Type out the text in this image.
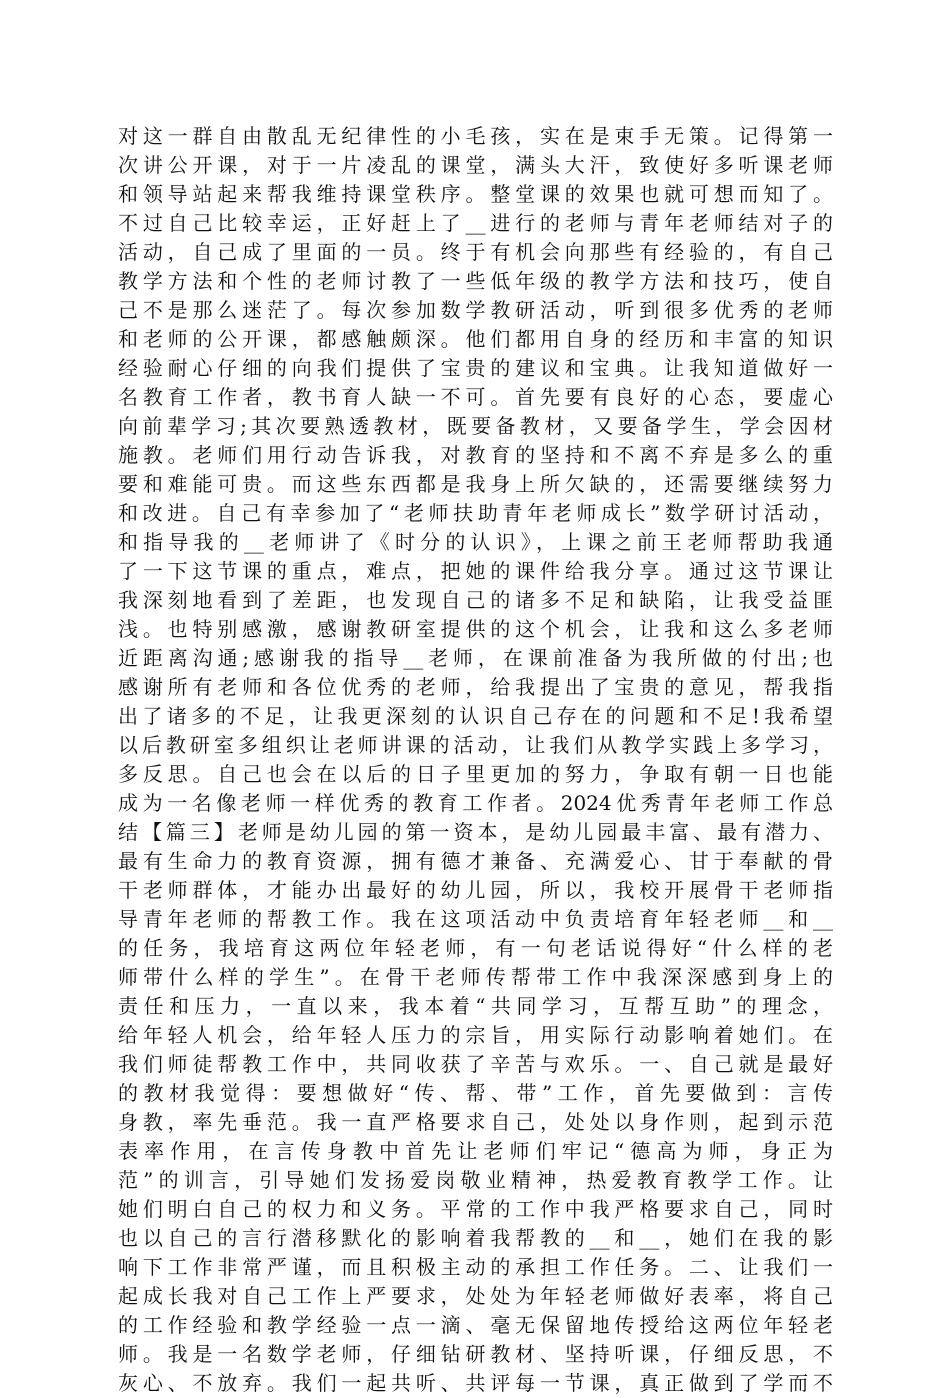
对这一群自由散乱无纪律性的小毛孩，实在是束手无策。记得第一
次讲公开课，对于一片凌乱的课堂，满头大汗，致使好多听课老师
和领导站起来帮我维持课堂秩序。整堂课的效果也就可想而知了。
不过自己比较幸运，正好赶上了__进行的老师与青年老师结对子的
活动，自己成了里面的一员。终于有机会向那些有经验的，有自己
教学方法和个性的老师讨教了一些低年级的教学方法和技巧，使自
己不是那么迷茫了。每次参加数学教研活动，听到很多优秀的老师
和老师的公开课，都感触颇深。他们都用自身的经历和丰富的知识
经验耐心仔细的向我们提供了宝贵的建议和宝典。让我知道做好一
名教育工作者，教书育人缺一不可。首先要有良好的心态，要虚心
向前辈学习;其次要熟透教材，既要备教材，又要备学生，学会因材
施教。老师们用行动告诉我，对教育的坚持和不离不弃是多么的重
要和难能可贵。而这些东西都是我身上所欠缺的，还需要继续努力
和改进。自己有幸参加了“老师扶助青年老师成长”数学研讨活动，
和指导我的__老师讲了《时分的认识》，上课之前王老师帮助我通
了一下这节课的重点，难点，把她的课件给我分享。通过这节课让
我深刻地看到了差距，也发现自己的诸多不足和缺陷，让我受益匪
浅。也特别感激，感谢教研室提供的这个机会，让我和这么多老师
近距离沟通;感谢我的指导__老师，在课前准备为我所做的付出;也
感谢所有老师和各位优秀的老师，给我提出了宝贵的意见，帮我指
出了诸多的不足，让我更深刻的认识自己存在的问题和不足!我希望
以后教研室多组织让老师讲课的活动，让我们从教学实践上多学习，
多反思。自己也会在以后的日子里更加的努力，争取有朝一日也能
成为一名像老师一样优秀的教育工作者。2024优秀青年老师工作总
结【篇三】老师是幼儿园的第一资本，是幼儿园最丰富、最有潜力、
最有生命力的教育资源，拥有德才兼备、充满爱心、甘于奉献的骨
干老师群体，才能办出最好的幼儿园，所以，我校开展骨干老师指
导青年老师的帮教工作。我在这项活动中负责培育年轻老师__和__
的任务，我培育这两位年轻老师，有一句老话说得好“什么样的老
师带什么样的学生”。在骨干老师传帮带工作中我深深感到身上的
责任和压力，一直以来，我本着“共同学习，互帮互助”的理念，
给年轻人机会，给年轻人压力的宗旨，用实际行动影响着她们。在
我们师徒帮教工作中，共同收获了辛苦与欢乐。一、自己就是最好
的教材我觉得：要想做好“传、帮、带”工作，首先要做到：言传
身教，率先垂范。我一直严格要求自己，处处以身作则，起到示范
表率作用，在言传身教中首先让老师们牢记“德高为师，身正为
范”的训言，引导她们发扬爱岗敬业精神，热爱教育教学工作。让
她们明白自己的权力和义务。平常的工作中我严格要求自己，同时
也以自己的言行潜移默化的影响着我帮教的__和__，她们在我的影
响下工作非常严谨，而且积极主动的承担工作任务。二、让我们一
起成长我对自己工作上严要求，处处为年轻老师做好表率，将自己
的工作经验和教学经验一点一滴、毫无保留地传授给这两位年轻老
师。我是一名数学老师，仔细钻研教材、坚持听课，仔细反思，不
灰心、不放弃。我们一起共听、共评每一节课，真正做到了学而不
